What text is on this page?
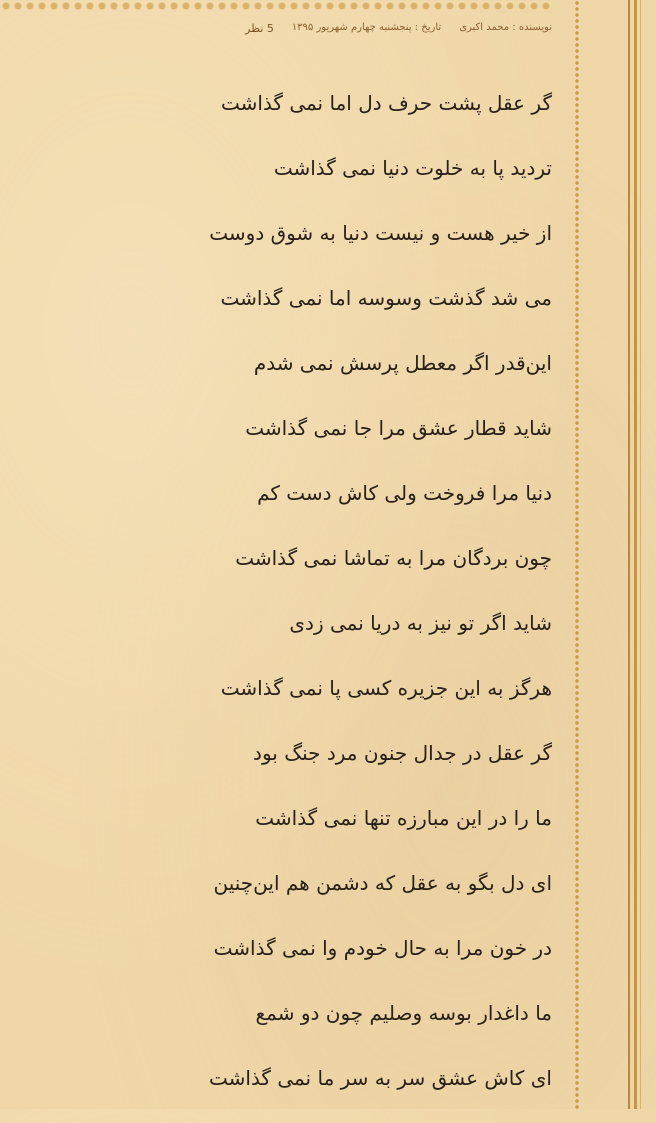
نویسنده : محمد اکبری
تاریخ : پنجشنبه چهارم شهریور ۱۳۹۵
5 نظر
گر عقل پشت حرف دل اما نمی گذاشت
تردید پا به خلوت دنیا نمی گذاشت
از خیر هست و نیست دنیا به شوق دوست
می شد گذشت وسوسه اما نمی گذاشت
این‌قدر اگر معطل پرسش نمی شدم
شاید قطار عشق مرا جا نمی گذاشت
دنیا مرا فروخت ولی کاش دست کم
چون بردگان مرا به تماشا نمی گذاشت
شاید اگر تو نیز به دریا نمی زدی
هرگز به این جزیره کسی پا نمی گذاشت
گر عقل در جدال جنون مرد جنگ بود
ما را در این مبارزه تنها نمی گذاشت
ای دل بگو به عقل که دشمن هم این‌چنین
در خون مرا به حال خودم وا نمی گذاشت
ما داغدار بوسه وصلیم چون دو شمع
ای کاش عشق سر به سر ما نمی گذاشت
